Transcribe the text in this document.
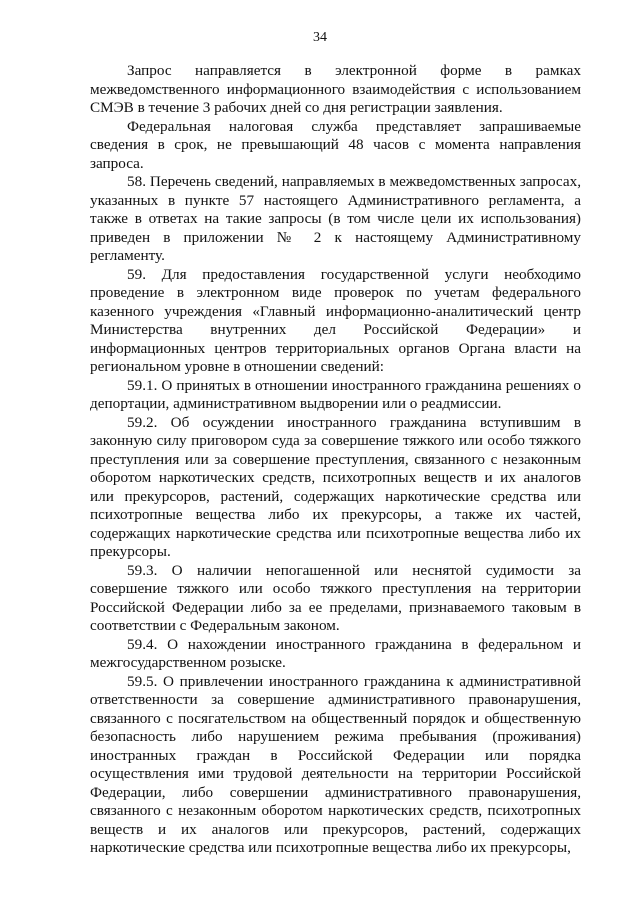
34

Запрос направляется в электронной форме в рамках межведомственного информационного взаимодействия с использованием СМЭВ в течение 3 рабочих дней со дня регистрации заявления.

Федеральная налоговая служба представляет запрашиваемые сведения в срок, не превышающий 48 часов с момента направления запроса.

58. Перечень сведений, направляемых в межведомственных запросах, указанных в пункте 57 настоящего Административного регламента, а также в ответах на такие запросы (в том числе цели их использования) приведен в приложении № 2 к настоящему Административному регламенту.

59. Для предоставления государственной услуги необходимо проведение в электронном виде проверок по учетам федерального казенного учреждения «Главный информационно-аналитический центр Министерства внутренних дел Российской Федерации» и информационных центров территориальных органов Органа власти на региональном уровне в отношении сведений:

59.1. О принятых в отношении иностранного гражданина решениях о депортации, административном выдворении или о реадмиссии.

59.2. Об осуждении иностранного гражданина вступившим в законную силу приговором суда за совершение тяжкого или особо тяжкого преступления или за совершение преступления, связанного с незаконным оборотом наркотических средств, психотропных веществ и их аналогов или прекурсоров, растений, содержащих наркотические средства или психотропные вещества либо их прекурсоры, а также их частей, содержащих наркотические средства или психотропные вещества либо их прекурсоры.

59.3. О наличии непогашенной или неснятой судимости за совершение тяжкого или особо тяжкого преступления на территории Российской Федерации либо за ее пределами, признаваемого таковым в соответствии с Федеральным законом.

59.4. О нахождении иностранного гражданина в федеральном и межгосударственном розыске.

59.5. О привлечении иностранного гражданина к административной ответственности за совершение административного правонарушения, связанного с посягательством на общественный порядок и общественную безопасность либо нарушением режима пребывания (проживания) иностранных граждан в Российской Федерации или порядка осуществления ими трудовой деятельности на территории Российской Федерации, либо совершении административного правонарушения, связанного с незаконным оборотом наркотических средств, психотропных веществ и их аналогов или прекурсоров, растений, содержащих наркотические средства или психотропные вещества либо их прекурсоры,
